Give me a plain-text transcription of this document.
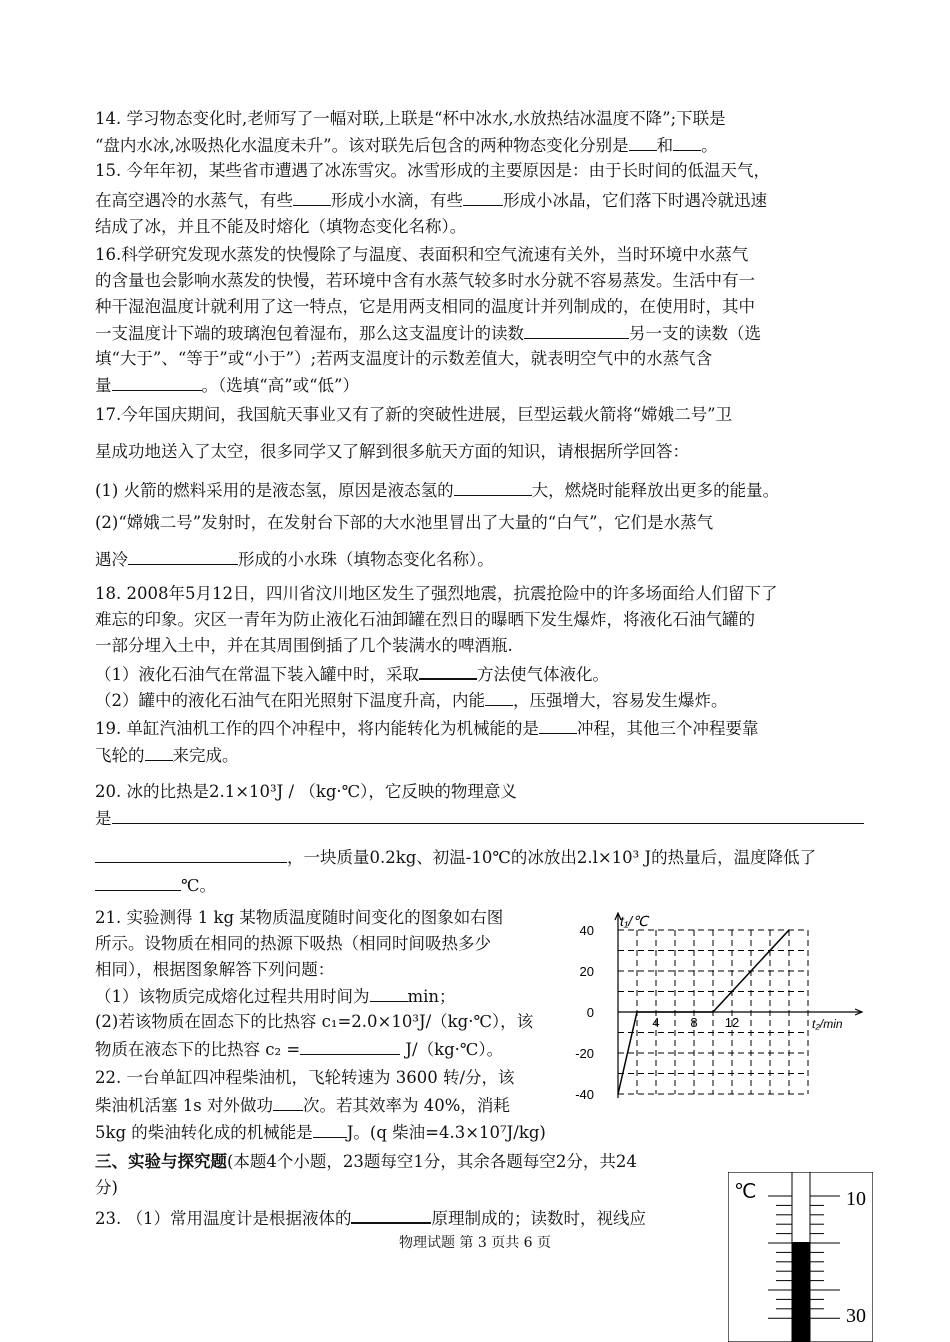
14. 学习物态变化时,老师写了一幅对联,上联是“杯中冰水,水放热结冰温度不降”;下联是
“盘内水冰,冰吸热化水温度未升”。该对联先后包含的两种物态变化分别是 和 。
15. 今年年初，某些省市遭遇了冰冻雪灾。冰雪形成的主要原因是：由于长时间的低温天气，
在高空遇冷的水蒸气，有些 形成小水滴，有些 形成小冰晶，它们落下时遇冷就迅速
结成了冰，并且不能及时熔化（填物态变化名称）。
16.科学研究发现水蒸发的快慢除了与温度、表面积和空气流速有关外，当时环境中水蒸气
的含量也会影响水蒸发的快慢，若环境中含有水蒸气较多时水分就不容易蒸发。生活中有一
种干湿泡温度计就利用了这一特点，它是用两支相同的温度计并列制成的，在使用时，其中
一支温度计下端的玻璃泡包着湿布，那么这支温度计的读数	另一支的读数（选
填“大于”、“等于”或“小于”）;若两支温度计的示数差值大，就表明空气中的水蒸气含
量	。（选填“高”或“低”）
17.今年国庆期间，我国航天事业又有了新的突破性进展，巨型运载火箭将“嫦娥二号”卫
星成功地送入了太空，很多同学又了解到很多航天方面的知识，请根据所学回答：
(1) 火箭的燃料采用的是液态氢，原因是液态氢的	大，燃烧时能释放出更多的能量。
(2)“嫦娥二号”发射时，在发射台下部的大水池里冒出了大量的“白气”，它们是水蒸气
遇冷	形成的小水珠（填物态变化名称）。
18. 2008年5月12日，四川省汶川地区发生了强烈地震，抗震抢险中的许多场面给人们留下了
难忘的印象。灾区一青年为防止液化石油卸罐在烈日的曝晒下发生爆炸，将液化石油气罐的
一部分埋入土中，并在其周围倒插了几个装满水的啤酒瓶.
（1）液化石油气在常温下装入罐中时，采取	方法使气体液化。
（2）罐中的液化石油气在阳光照射下温度升高，内能 ，压强增大，容易发生爆炸。
19. 单缸汽油机工作的四个冲程中，将内能转化为机械能的是 冲程，其他三个冲程要靠
飞轮的 来完成。
20. 冰的比热是2.1×10³J / （kg·℃），它反映的物理意义
是
，一块质量0.2kg、初温-10℃的冰放出2.l×10³ J的热量后，温度降低了
℃。
21. 实验测得 1 kg 某物质温度随时间变化的图象如右图
所示。设物质在相同的热源下吸热（相同时间吸热多少
相同），根据图象解答下列问题：
（1）该物质完成熔化过程共用时间为 min；
(2)若该物质在固态下的比热容 c₁=2.0×10³J/（kg·℃），该
物质在液态下的比热容 c₂ =	J/（kg·℃）。
22. 一台单缸四冲程柴油机，飞轮转速为 3600 转/分，该
柴油机活塞 1s 对外做功 次。若其效率为 40%，消耗
5kg 的柴油转化成的机械能是 J。(q 柴油=4.3×10⁷J/kg)
三、实验与探究题(本题4个小题，23题每空1分，其余各题每空2分，共24
分)
23. （1）常用温度计是根据液体的	原理制成的；读数时，视线应
物理试题 第 3 页共 6 页
40
20
0
-20
-40
4 8 12
t₁/℃
t₂/min
℃	10
30
